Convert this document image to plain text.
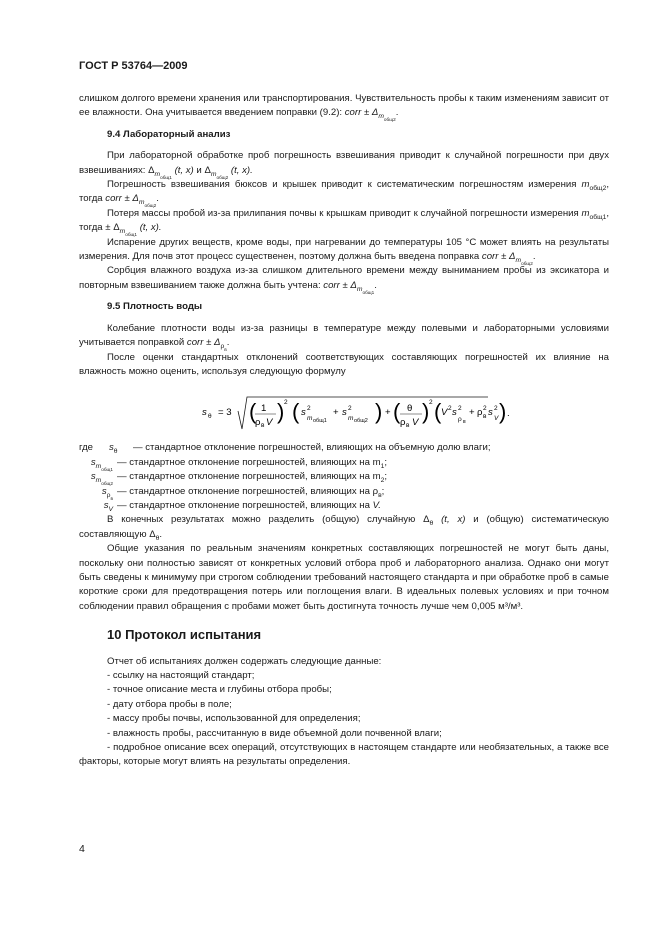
ГОСТ Р 53764—2009

слишком долгого времени хранения или транспортирования. Чувствительность пробы к таким изменениям зависит от ее влажности. Она учитывается введением поправки (9.2): corr ± $\Delta_{m_{общ2}}$.

9.4 Лабораторный анализ

При лабораторной обработке проб погрешность взвешивания приводит к случайной погрешности при двух взвешиваниях: $\Delta_{m_{общ1}}$ (t, x) и $\Delta_{m_{общ2}}$ (t, x).

Погрешность взвешивания бюксов и крышек приводит к систематическим погрешностям измерения $m_{общ2}$, тогда corr ± $\Delta_{m_{общ2}}$.

Потеря массы пробой из-за прилипания почвы к крышкам приводит к случайной погрешности измерения $m_{общ1}$, тогда ± $\Delta_{m_{общ1}}$ (t, x).

Испарение других веществ, кроме воды, при нагревании до температуры 105 °С может влиять на результаты измерения. Для почв этот процесс существенен, поэтому должна быть введена поправка corr ± $\Delta_{m_{общ2}}$.

Сорбция влажного воздуха из-за слишком длительного времени между выниманием пробы из эксикатора и повторным взвешиванием также должна быть учтена: corr ± $\Delta_{m_{общ1}}$.

9.5 Плотность воды

Колебание плотности воды из-за разницы в температуре между полевыми и лабораторными условиями учитывается поправкой corr ± $\Delta_{\rho_в}$.

После оценки стандартных отклонений соответствующих составляющих погрешностей их влияние на влажность можно оценить, используя следующую формулу

s θ = 3 ( 1
ρ в V ) 2 ( s 2
m общ1
+ s 2
m общ2 ) + ( θ
ρ в V ) 2 ( V 2 s 2
ρ в
+ ρ 2
в s 2
V ) .
где	$s_\theta$	— стандартное отклонение погрешностей, влияющих на объемную долю влаги;
$s_{m_{общ1}}$
— стандартное отклонение погрешностей, влияющих на $m_1$;
$s_{m_{общ2}}$
— стандартное отклонение погрешностей, влияющих на $m_2$;
$s_{\rho_в}$
— стандартное отклонение погрешностей, влияющих на $\rho_в$;
$s_V$ — стандартное отклонение погрешностей, влияющих на V.

В конечных результатах можно разделить (общую) случайную $\Delta_\theta$ (t, x) и (общую) систематическую составляющую $\Delta_\theta$.

Общие указания по реальным значениям конкретных составляющих погрешностей не могут быть даны, поскольку они полностью зависят от конкретных условий отбора проб и лабораторного анализа. Однако они могут быть сведены к минимуму при строгом соблюдении требований настоящего стандарта и при обработке проб в самые короткие сроки для предотвращения потерь или поглощения влаги. В идеальных полевых условиях и при точном соблюдении правил обращения с пробами может быть достигнута точность лучше чем 0,005 м³/м³.

10 Протокол испытания
Отчет об испытаниях должен содержать следующие данные:
- ссылку на настоящий стандарт;
- точное описание места и глубины отбора пробы;
- дату отбора пробы в поле;
- массу пробы почвы, использованной для определения;
- влажность пробы, рассчитанную в виде объемной доли почвенной влаги;

- подробное описание всех операций, отсутствующих в настоящем стандарте или необязательных, а также все факторы, которые могут влиять на результаты определения.

4
